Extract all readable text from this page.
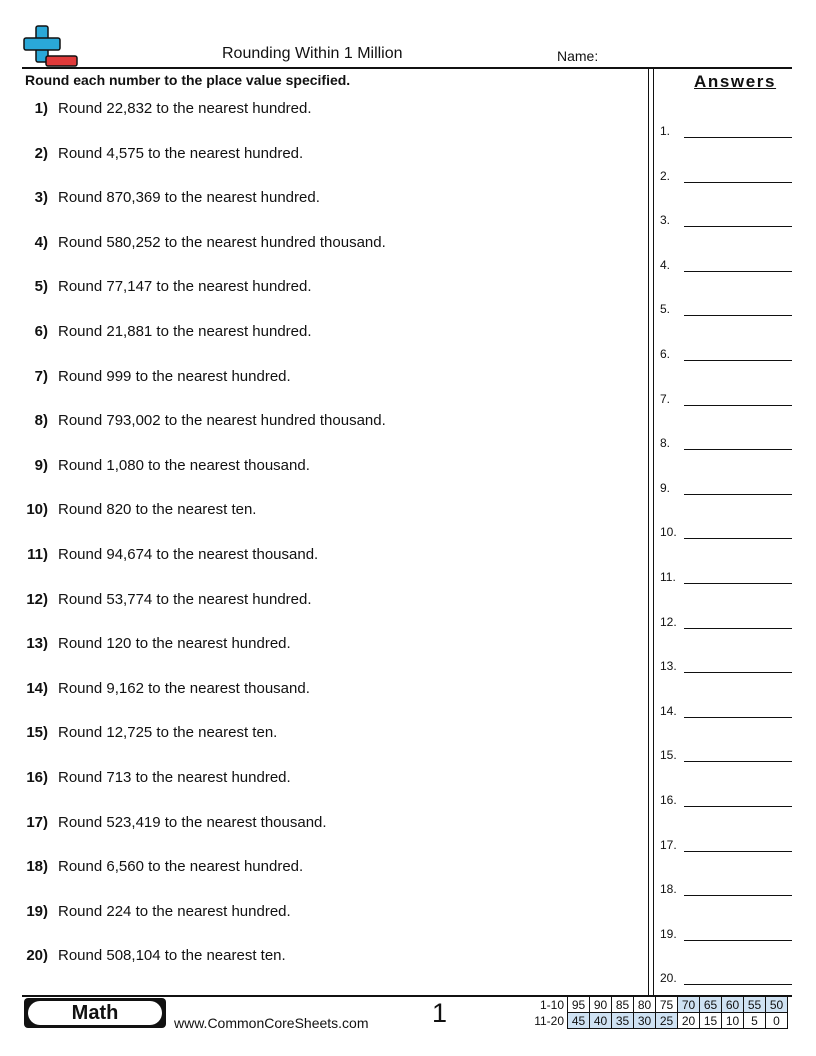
Rounding Within 1 Million	Name:
Round each number to the place value specified.	Answers
1) Round 22,832 to the nearest hundred.
2) Round 4,575 to the nearest hundred.
3) Round 870,369 to the nearest hundred.
4) Round 580,252 to the nearest hundred thousand.
5) Round 77,147 to the nearest hundred.
6) Round 21,881 to the nearest hundred.
7) Round 999 to the nearest hundred.
8) Round 793,002 to the nearest hundred thousand.
9) Round 1,080 to the nearest thousand.
10) Round 820 to the nearest ten.
11) Round 94,674 to the nearest thousand.
12) Round 53,774 to the nearest hundred.
13) Round 120 to the nearest hundred.
14) Round 9,162 to the nearest thousand.
15) Round 12,725 to the nearest ten.
16) Round 713 to the nearest hundred.
17) Round 523,419 to the nearest thousand.
18) Round 6,560 to the nearest hundred.
19) Round 224 to the nearest hundred.
20) Round 508,104 to the nearest ten.
1.
2.
3.
4.
5.
6.
7.
8.
9.
10.
11.
12.
13.
14.
15.
16.
17.
18.
19.
20.
Math	www.CommonCoreSheets.com 1	1-10	95	90	85	80	75	70	65	60	55	50
11-20	45	40	35	30	25	20	15	10	5	0
